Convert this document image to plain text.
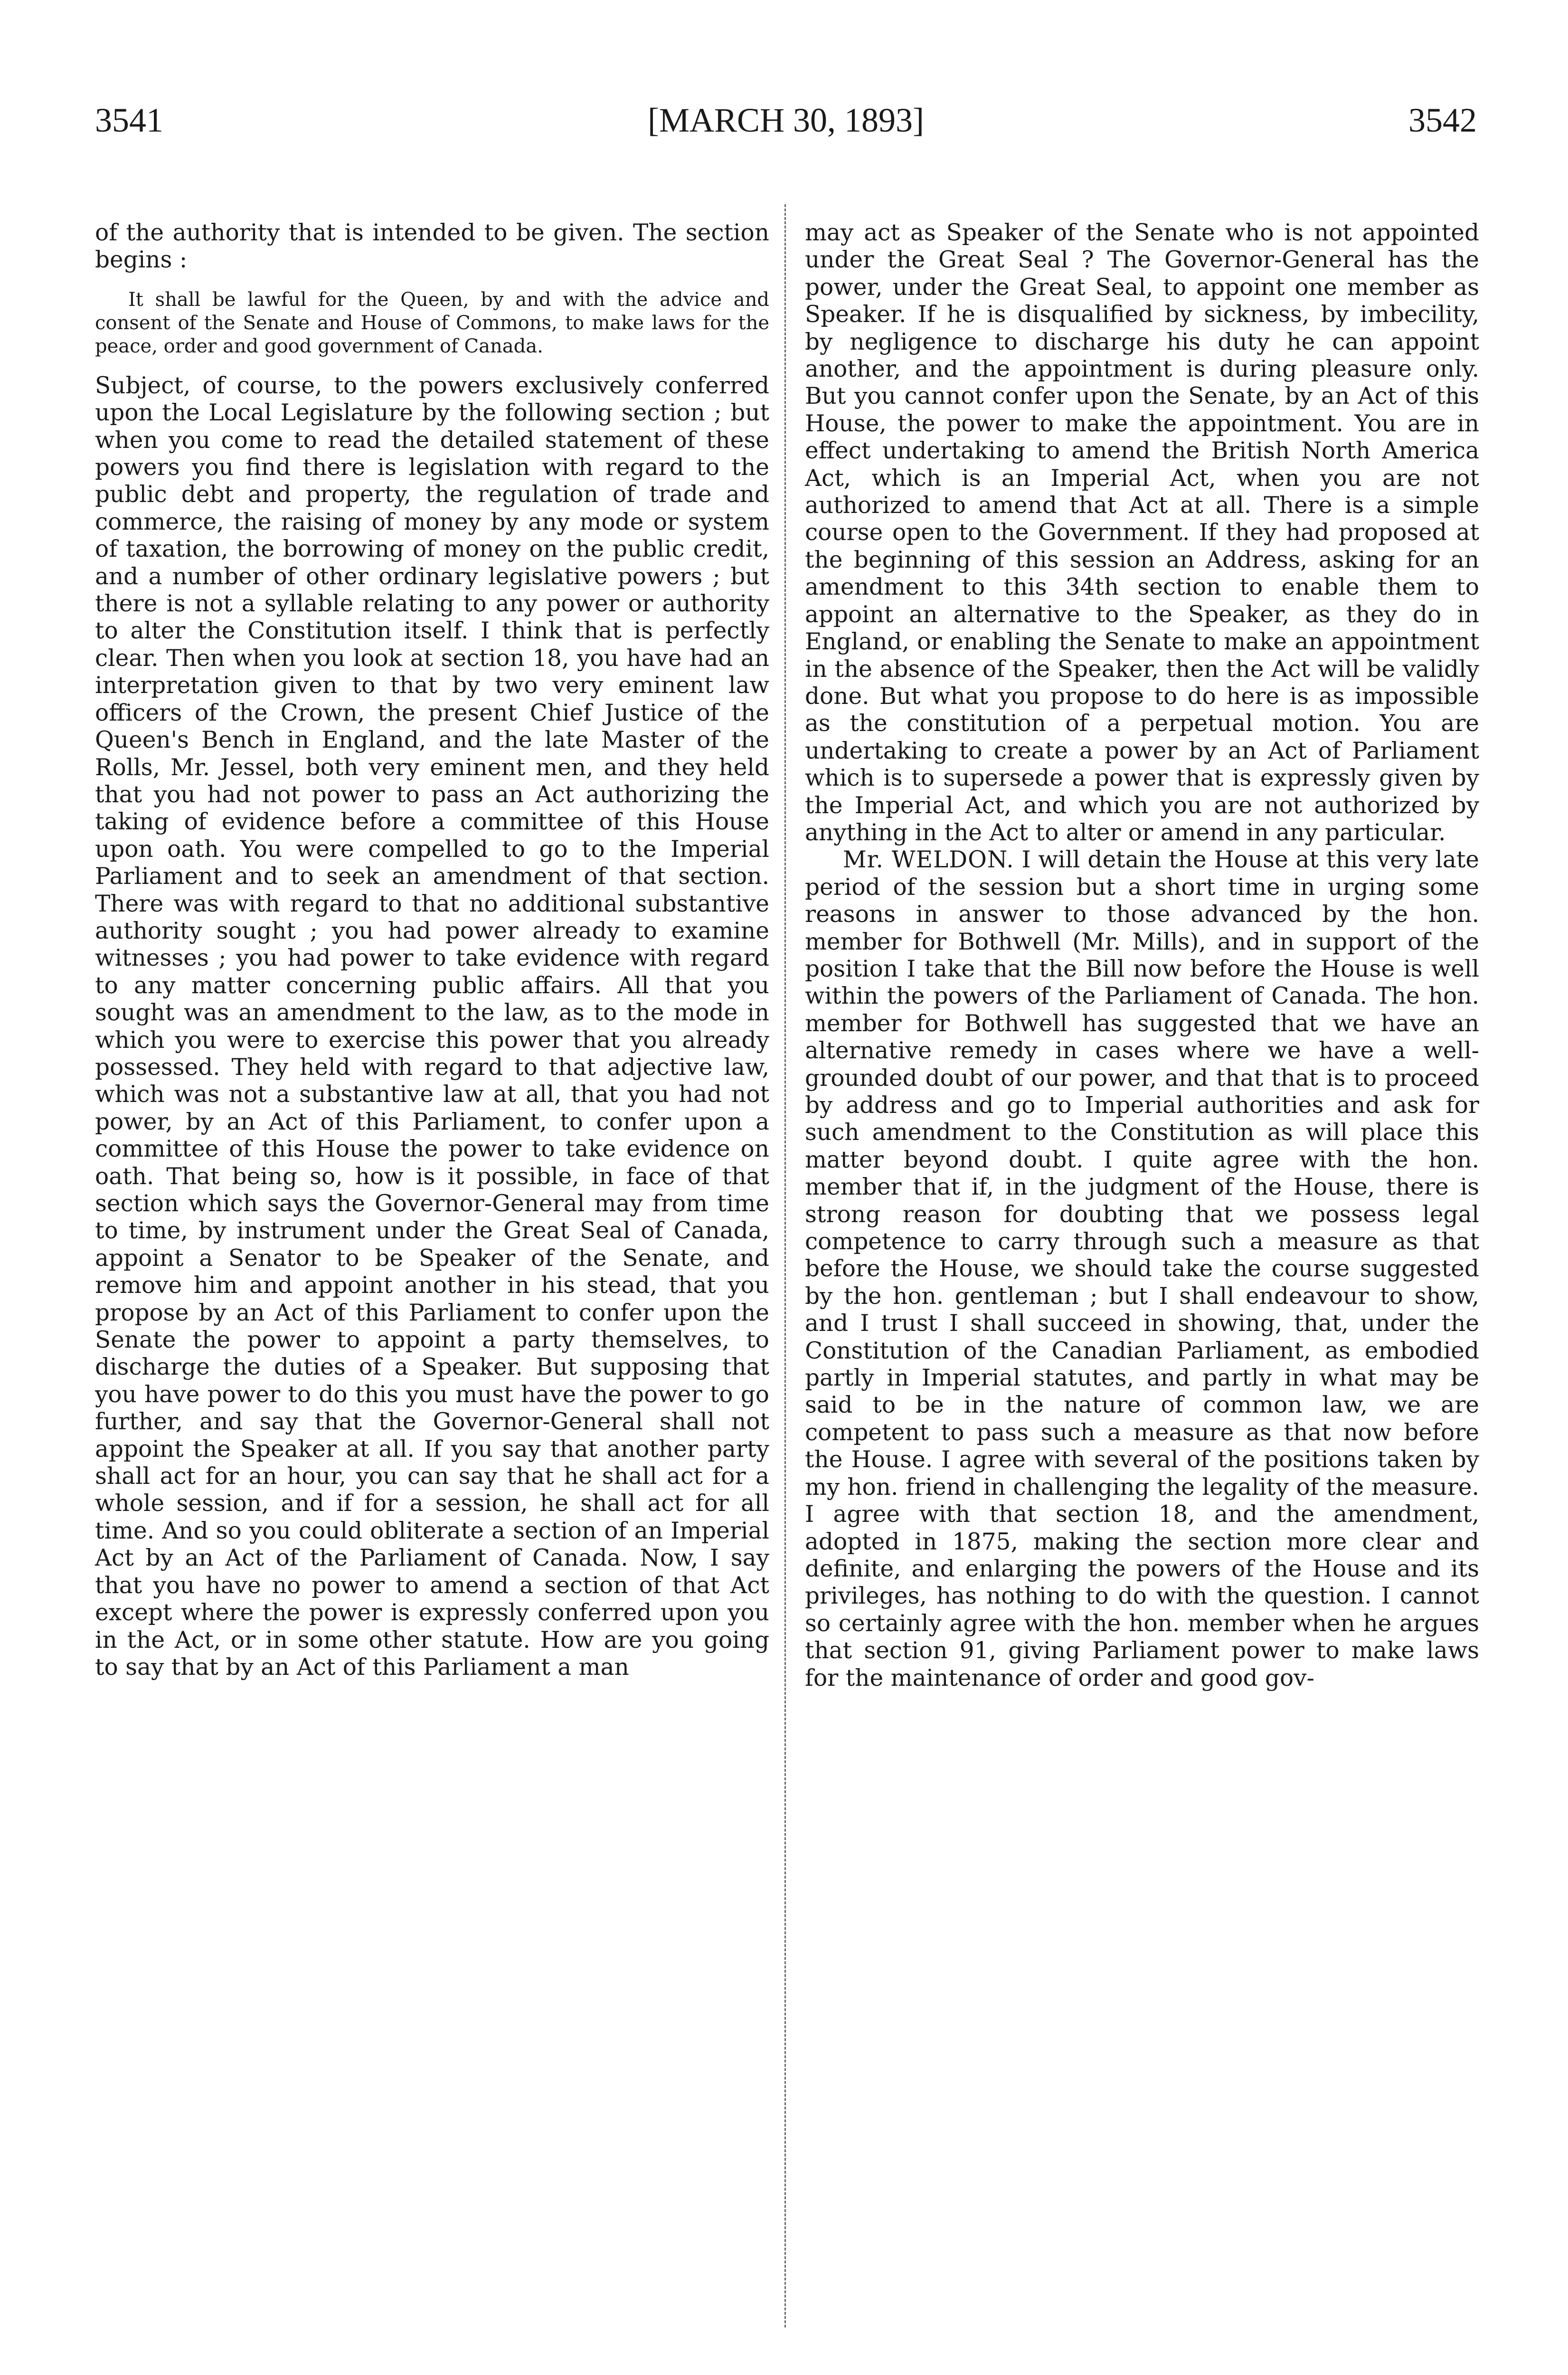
3541	[MARCH 30, 1893]	3542

of the authority that is intended to be given. The section begins :

It shall be lawful for the Queen, by and with the advice and consent of the Senate and House of Commons, to make laws for the peace, order and good government of Canada.

Subject, of course, to the powers exclusively conferred upon the Local Legislature by the following section ; but when you come to read the detailed statement of these powers you find there is legislation with regard to the public debt and property, the regulation of trade and commerce, the raising of money by any mode or system of taxation, the borrowing of money on the public credit, and a number of other ordinary legislative powers ; but there is not a syllable relating to any power or authority to alter the Constitution itself. I think that is perfectly clear. Then when you look at section 18, you have had an interpretation given to that by two very eminent law officers of the Crown, the present Chief Justice of the Queen's Bench in England, and the late Master of the Rolls, Mr. Jessel, both very eminent men, and they held that you had not power to pass an Act authorizing the taking of evidence before a committee of this House upon oath. You were compelled to go to the Imperial Parliament and to seek an amendment of that section. There was with regard to that no additional substantive authority sought ; you had power already to examine witnesses ; you had power to take evidence with regard to any matter concerning public affairs. All that you sought was an amendment to the law, as to the mode in which you were to exercise this power that you already possessed. They held with regard to that adjective law, which was not a substantive law at all, that you had not power, by an Act of this Parliament, to confer upon a committee of this House the power to take evidence on oath. That being so, how is it possible, in face of that section which says the Governor-General may from time to time, by instrument under the Great Seal of Canada, appoint a Senator to be Speaker of the Senate, and remove him and appoint another in his stead, that you propose by an Act of this Parliament to confer upon the Senate the power to appoint a party themselves, to discharge the duties of a Speaker. But supposing that you have power to do this you must have the power to go further, and say that the Governor-General shall not appoint the Speaker at all. If you say that another party shall act for an hour, you can say that he shall act for a whole session, and if for a session, he shall act for all time. And so you could obliterate a section of an Imperial Act by an Act of the Parliament of Canada. Now, I say that you have no power to amend a section of that Act except where the power is expressly conferred upon you in the Act, or in some other statute. How are you going to say that by an Act of this Parliament a man

may act as Speaker of the Senate who is not appointed under the Great Seal ? The Governor-General has the power, under the Great Seal, to appoint one member as Speaker. If he is disqualified by sickness, by imbecility, by negligence to discharge his duty he can appoint another, and the appointment is during pleasure only. But you cannot confer upon the Senate, by an Act of this House, the power to make the appointment. You are in effect undertaking to amend the British North America Act, which is an Imperial Act, when you are not authorized to amend that Act at all. There is a simple course open to the Government. If they had proposed at the beginning of this session an Address, asking for an amendment to this 34th section to enable them to appoint an alternative to the Speaker, as they do in England, or enabling the Senate to make an appointment in the absence of the Speaker, then the Act will be validly done. But what you propose to do here is as impossible as the constitution of a perpetual motion. You are undertaking to create a power by an Act of Parliament which is to supersede a power that is expressly given by the Imperial Act, and which you are not authorized by anything in the Act to alter or amend in any particular.

Mr. WELDON. I will detain the House at this very late period of the session but a short time in urging some reasons in answer to those advanced by the hon. member for Bothwell (Mr. Mills), and in support of the position I take that the Bill now before the House is well within the powers of the Parliament of Canada. The hon. member for Bothwell has suggested that we have an alternative remedy in cases where we have a well-grounded doubt of our power, and that that is to proceed by address and go to Imperial authorities and ask for such amendment to the Constitution as will place this matter beyond doubt. I quite agree with the hon. member that if, in the judgment of the House, there is strong reason for doubting that we possess legal competence to carry through such a measure as that before the House, we should take the course suggested by the hon. gentleman ; but I shall endeavour to show, and I trust I shall succeed in showing, that, under the Constitution of the Canadian Parliament, as embodied partly in Imperial statutes, and partly in what may be said to be in the nature of common law, we are competent to pass such a measure as that now before the House. I agree with several of the positions taken by my hon. friend in challenging the legality of the measure. I agree with that section 18, and the amendment, adopted in 1875, making the section more clear and definite, and enlarging the powers of the House and its privileges, has nothing to do with the question. I cannot so certainly agree with the hon. member when he argues that section 91, giving Parliament power to make laws for the maintenance of order and good gov-
